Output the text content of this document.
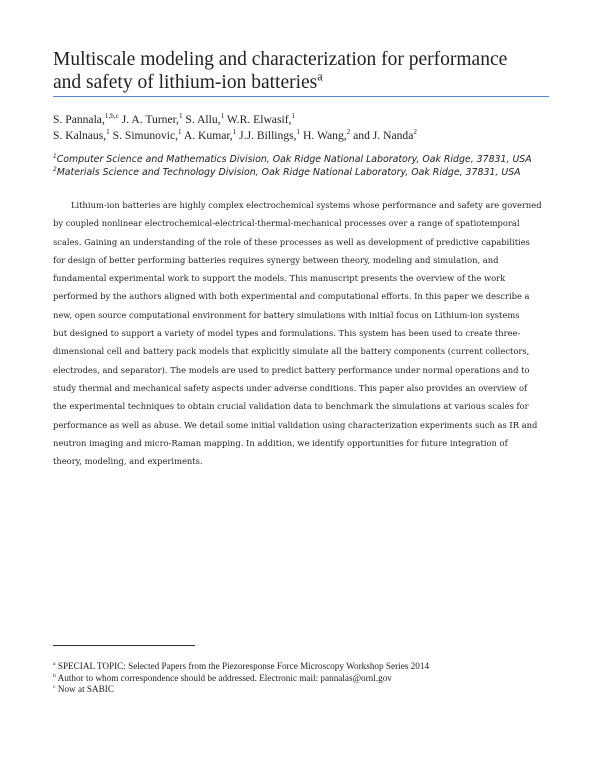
Multiscale modeling and characterization for performance
and safety of lithium-ion batteries$^a$
S. Pannala,$^{1,b,c}$ J. A. Turner,$^1$ S. Allu,$^1$ W.R. Elwasif,$^1$
S. Kalnaus,$^1$ S. Simunovic,$^1$ A. Kumar,$^1$ J.J. Billings,$^1$ H. Wang,$^2$ and J. Nanda$^2$
$^1$Computer Science and Mathematics Division, Oak Ridge National Laboratory, Oak Ridge, 37831, USA
$^2$Materials Science and Technology Division, Oak Ridge National Laboratory, Oak Ridge, 37831, USA
Lithium-ion batteries are highly complex electrochemical systems whose performance and safety are governed
by coupled nonlinear electrochemical-electrical-thermal-mechanical processes over a range of spatiotemporal
scales. Gaining an understanding of the role of these processes as well as development of predictive capabilities
for design of better performing batteries requires synergy between theory, modeling and simulation, and
fundamental experimental work to support the models. This manuscript presents the overview of the work
performed by the authors aligned with both experimental and computational efforts. In this paper we describe a
new, open source computational environment for battery simulations with initial focus on Lithium-ion systems
but designed to support a variety of model types and formulations. This system has been used to create three-
dimensional cell and battery pack models that explicitly simulate all the battery components (current collectors,
electrodes, and separator). The models are used to predict battery performance under normal operations and to
study thermal and mechanical safety aspects under adverse conditions. This paper also provides an overview of
the experimental techniques to obtain crucial validation data to benchmark the simulations at various scales for
performance as well as abuse. We detail some initial validation using characterization experiments such as IR and
neutron imaging and micro-Raman mapping. In addition, we identify opportunities for future integration of
theory, modeling, and experiments.
$^a$ SPECIAL TOPIC: Selected Papers from the Piezoresponse Force Microscopy Workshop Series 2014
$^b$ Author to whom correspondence should be addressed. Electronic mail: pannalas@ornl.gov
$^c$ Now at SABIC
